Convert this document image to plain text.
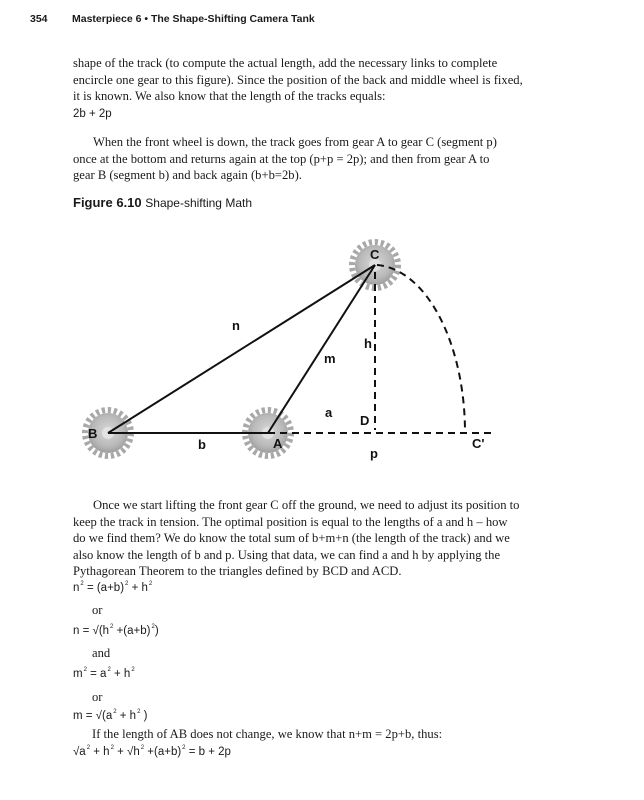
354 Masterpiece 6 • The Shape-Shifting Camera Tank
shape of the track (to compute the actual length, add the necessary links to complete
encircle one gear to this figure). Since the position of the back and middle wheel is fixed,
it is known. We also know that the length of the tracks equals:
2b + 2p
When the front wheel is down, the track goes from gear A to gear C (segment p)
once at the bottom and returns again at the top (p+p = 2p); and then from gear A to
gear B (segment b) and back again (b+b=2b).
Figure 6.10 Shape-shifting Math
C
B
A	C'
D
n
m
h
a
b
p
Once we start lifting the front gear C off the ground, we need to adjust its position to
keep the track in tension. The optimal position is equal to the lengths of a and h – how
do we find them? We do know the total sum of b+m+n (the length of the track) and we
also know the length of b and p. Using that data, we can find a and h by applying the
Pythagorean Theorem to the triangles defined by BCD and ACD.
$n^2 = (a+b)^2 + h^2$
or
$n = √(h^2 +(a+b)^2)$
and
$m^2 = a^2 + h^2$
or
$m = √(a^2 + h^2$ )
If the length of AB does not change, we know that n+m = 2p+b, thus:
$√a^2 + h^2 + √h^2 +(a+b)^2 = b + 2p$
